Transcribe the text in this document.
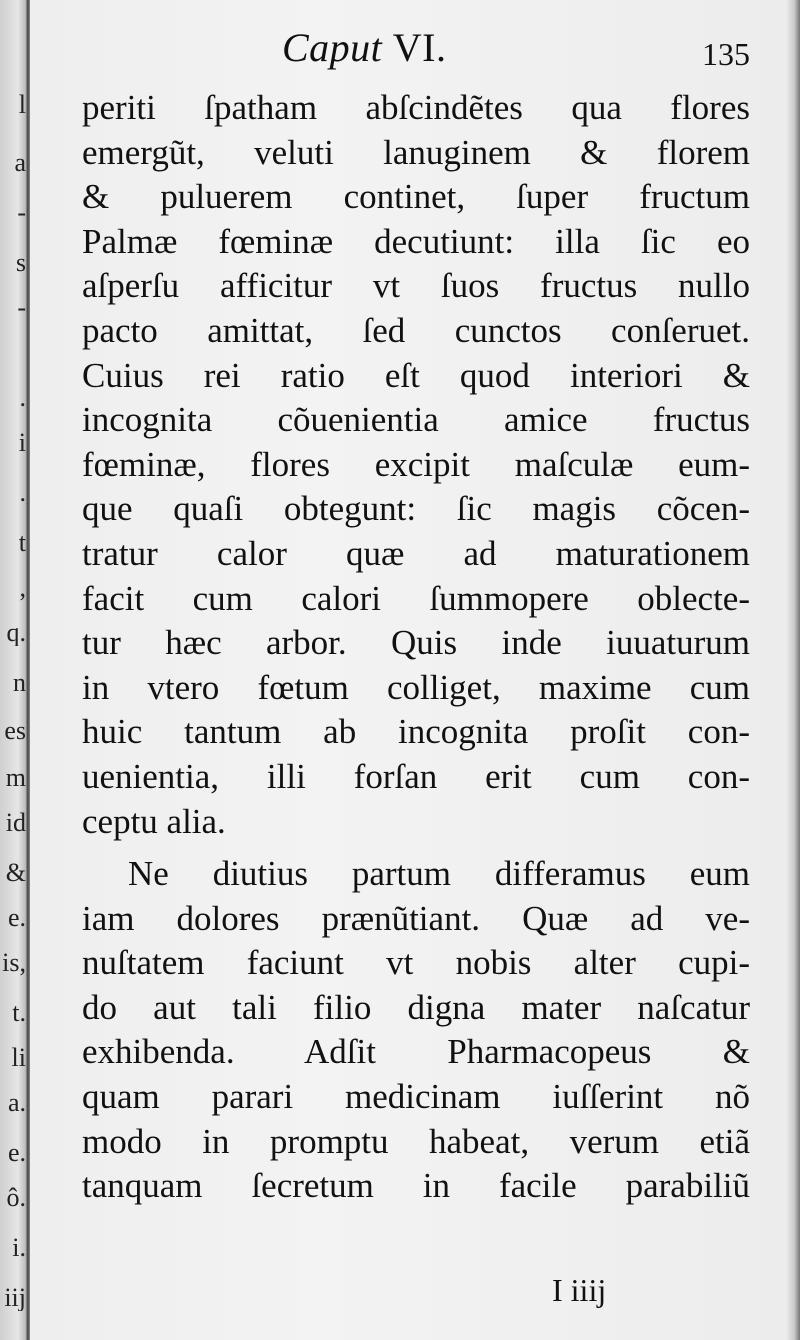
l
a
-
s
-
.
i
.
t
,
q.
n
es
m
id
&
e.
is,
t.
li
a.
e.
ô.
i.
iij
Caput VI.	135
periti ſpatham abſcindẽtes qua flores
emergũt, veluti lanuginem & florem
& puluerem continet, ſuper fructum
Palmæ fœminæ decutiunt: illa ſic eo
aſperſu afficitur vt ſuos fructus nullo
pacto amittat, ſed cunctos conſeruet.
Cuius rei ratio eſt quod interiori &
incognita cõuenientia amice fructus
fœminæ, flores excipit maſculæ eum-
que quaſi obtegunt: ſic magis cõcen-
tratur calor quæ ad maturationem
facit cum calori ſummopere oblecte-
tur hæc arbor. Quis inde iuuaturum
in vtero fœtum colliget, maxime cum
huic tantum ab incognita proſit con-
uenientia, illi forſan erit cum con-
ceptu alia.
Ne diutius partum differamus eum
iam dolores prænũtiant. Quæ ad ve-
nuſtatem faciunt vt nobis alter cupi-
do aut tali filio digna mater naſcatur
exhibenda. Adſit Pharmacopeus &
quam parari medicinam iuſſerint nõ
modo in promptu habeat, verum etiã
tanquam ſecretum in facile parabiliũ
I iiij
